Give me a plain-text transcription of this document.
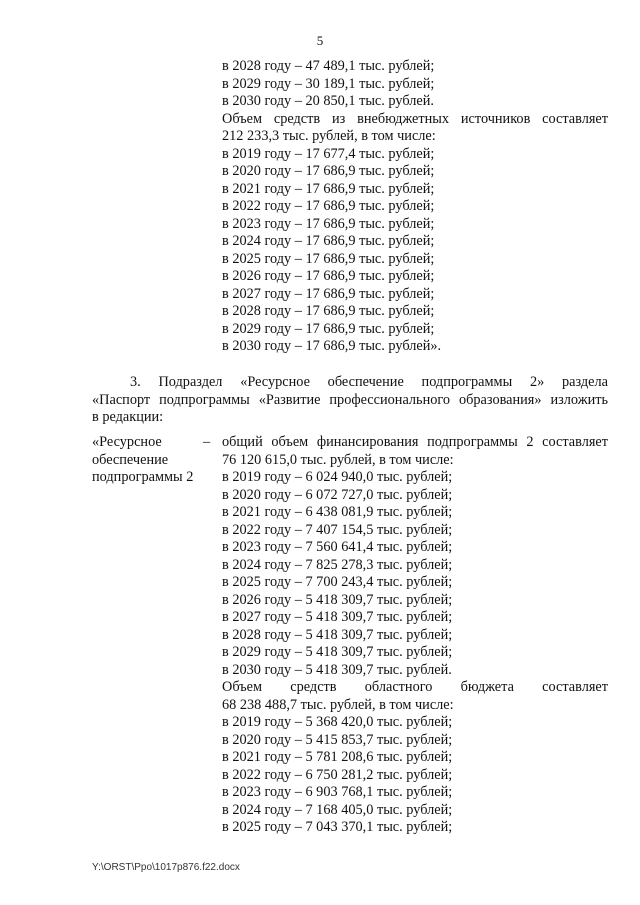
5
в 2028 году – 47 489,1 тыс. рублей;
в 2029 году – 30 189,1 тыс. рублей;
в 2030 году – 20 850,1 тыс. рублей.
Объем средств из внебюджетных источников составляет
212 233,3 тыс. рублей, в том числе:
в 2019 году – 17 677,4 тыс. рублей;
в 2020 году – 17 686,9 тыс. рублей;
в 2021 году – 17 686,9 тыс. рублей;
в 2022 году – 17 686,9 тыс. рублей;
в 2023 году – 17 686,9 тыс. рублей;
в 2024 году – 17 686,9 тыс. рублей;
в 2025 году – 17 686,9 тыс. рублей;
в 2026 году – 17 686,9 тыс. рублей;
в 2027 году – 17 686,9 тыс. рублей;
в 2028 году – 17 686,9 тыс. рублей;
в 2029 году – 17 686,9 тыс. рублей;
в 2030 году – 17 686,9 тыс. рублей».
3. Подраздел «Ресурсное обеспечение подпрограммы 2» раздела
«Паспорт подпрограммы «Развитие профессионального образования» изложить
в редакции:
«Ресурсное
обеспечение
подпрограммы 2
– общий объем финансирования подпрограммы 2 составляет
76 120 615,0 тыс. рублей, в том числе:
в 2019 году – 6 024 940,0 тыс. рублей;
в 2020 году – 6 072 727,0 тыс. рублей;
в 2021 году – 6 438 081,9 тыс. рублей;
в 2022 году – 7 407 154,5 тыс. рублей;
в 2023 году – 7 560 641,4 тыс. рублей;
в 2024 году – 7 825 278,3 тыс. рублей;
в 2025 году – 7 700 243,4 тыс. рублей;
в 2026 году – 5 418 309,7 тыс. рублей;
в 2027 году – 5 418 309,7 тыс. рублей;
в 2028 году – 5 418 309,7 тыс. рублей;
в 2029 году – 5 418 309,7 тыс. рублей;
в 2030 году – 5 418 309,7 тыс. рублей.
Объем средств областного бюджета составляет
68 238 488,7 тыс. рублей, в том числе:
в 2019 году – 5 368 420,0 тыс. рублей;
в 2020 году – 5 415 853,7 тыс. рублей;
в 2021 году – 5 781 208,6 тыс. рублей;
в 2022 году – 6 750 281,2 тыс. рублей;
в 2023 году – 6 903 768,1 тыс. рублей;
в 2024 году – 7 168 405,0 тыс. рублей;
в 2025 году – 7 043 370,1 тыс. рублей;
Y:\ORST\Ppo\1017p876.f22.docx
